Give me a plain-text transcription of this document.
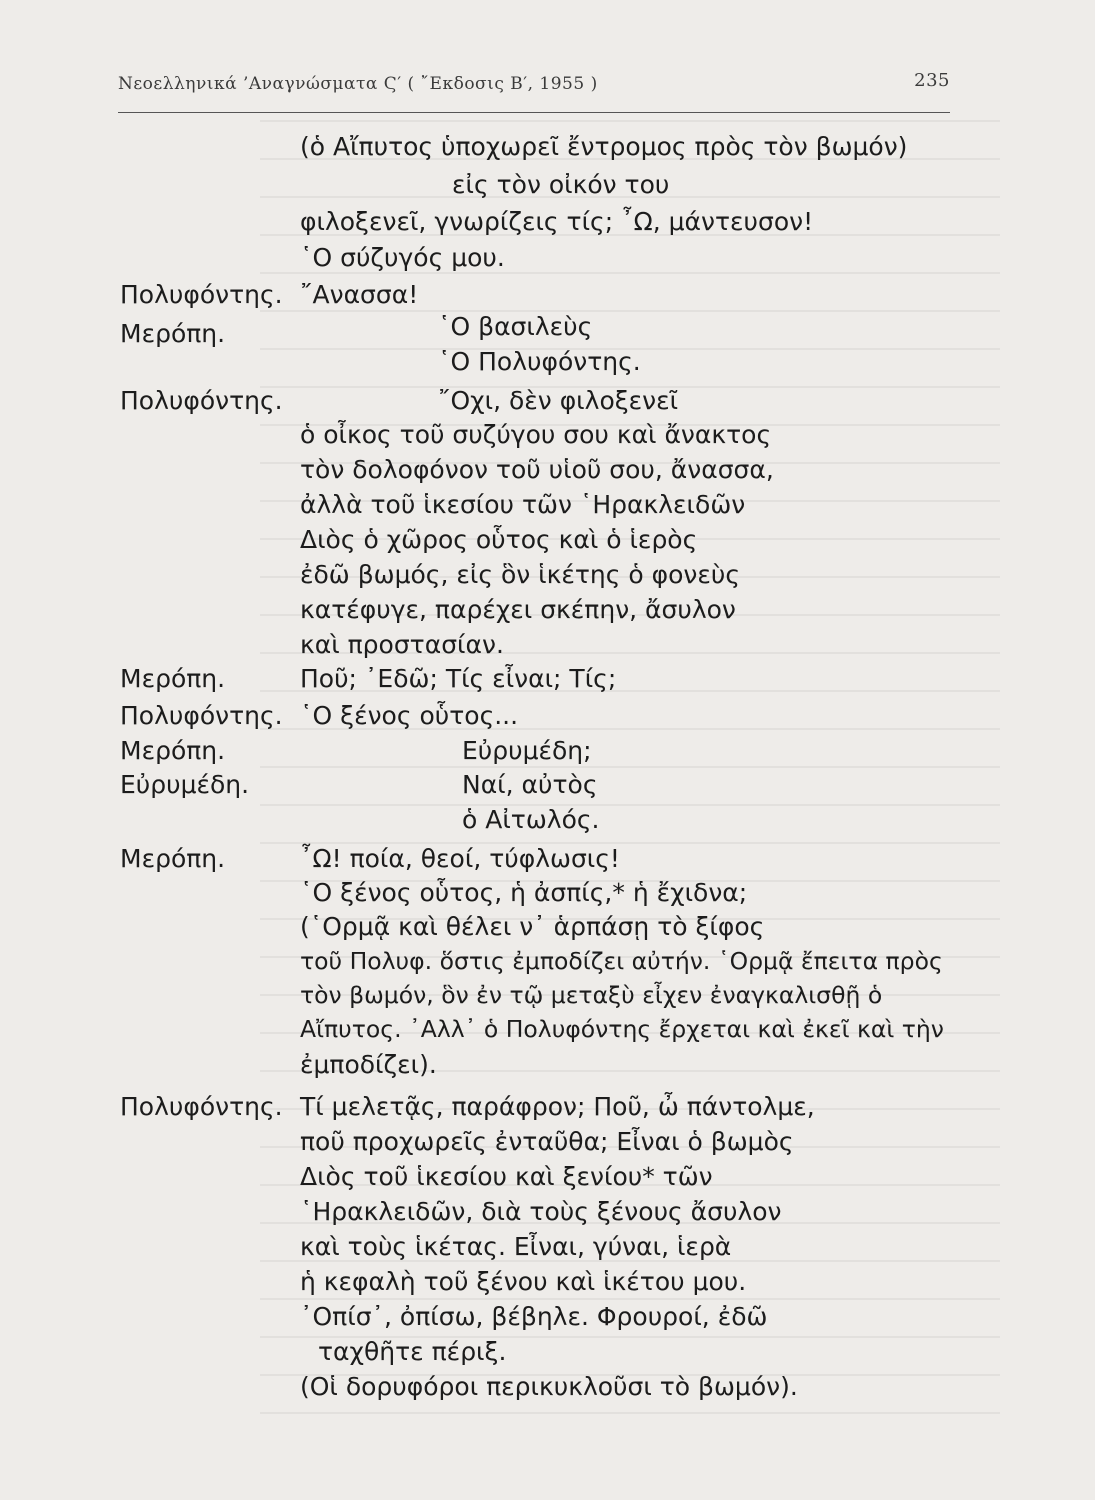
Νεοελληνικά ’Αναγνώσματα Ϛ′ ( ῎Εκδοσις Β′, 1955 )	235
Πολυφόντης.
Μερόπη.
Πολυφόντης.
Μερόπη.
Πολυφόντης.
Μερόπη.
Εὐρυμέδη.
Μερόπη.
Πολυφόντης.
(ὁ Αἴπυτος ὑποχωρεῖ ἔντρομος πρὸς τὸν βωμόν)
εἰς τὸν οἰκόν του
φιλοξενεῖ, γνωρίζεις τίς; ῏Ω, μάντευσον!
῾Ο σύζυγός μου.
῎Ανασσα!
῾Ο βασιλεὺς
῾Ο Πολυφόντης.
῎Οχι, δὲν φιλοξενεῖ
ὁ οἶκος τοῦ συζύγου σου καὶ ἄνακτος
τὸν δολοφόνον τοῦ υἱοῦ σου, ἄνασσα,
ἀλλὰ τοῦ ἱκεσίου τῶν ῾Ηρακλειδῶν
Διὸς ὁ χῶρος οὗτος καὶ ὁ ἱερὸς
ἐδῶ βωμός, εἰς ὃν ἱκέτης ὁ φονεὺς
κατέφυγε, παρέχει σκέπην, ἄσυλον
καὶ προστασίαν.
Ποῦ; ᾿Εδῶ; Τίς εἶναι; Τίς;
῾Ο ξένος οὗτος...
Εὐρυμέδη;
Ναί, αὐτὸς
ὁ Αἰτωλός.
῏Ω! ποία, θεοί, τύφλωσις!
῾Ο ξένος οὗτος, ἡ ἀσπίς,* ἡ ἔχιδνα;
(῾Ορμᾷ καὶ θέλει ν᾿ ἁρπάσῃ τὸ ξίφος
τοῦ Πολυφ. ὅστις ἐμποδίζει αὐτήν. ῾Ορμᾷ ἔπειτα πρὸς
τὸν βωμόν, ὃν ἐν τῷ μεταξὺ εἶχεν ἐναγκαλισθῇ ὁ
Αἴπυτος. ᾿Αλλ᾿ ὁ Πολυφόντης ἔρχεται καὶ ἐκεῖ καὶ τὴν
ἐμποδίζει).
Τί μελετᾷς, παράφρον; Ποῦ, ὦ πάντολμε,
ποῦ προχωρεῖς ἐνταῦθα; Εἶναι ὁ βωμὸς
Διὸς τοῦ ἱκεσίου καὶ ξενίου* τῶν
῾Ηρακλειδῶν, διὰ τοὺς ξένους ἄσυλον
καὶ τοὺς ἱκέτας. Εἶναι, γύναι, ἱερὰ
ἡ κεφαλὴ τοῦ ξένου καὶ ἱκέτου μου.
᾿Οπίσ᾿, ὀπίσω, βέβηλε. Φρουροί, ἐδῶ
ταχθῆτε πέριξ.
(Οἱ δορυφόροι περικυκλοῦσι τὸ βωμόν).
